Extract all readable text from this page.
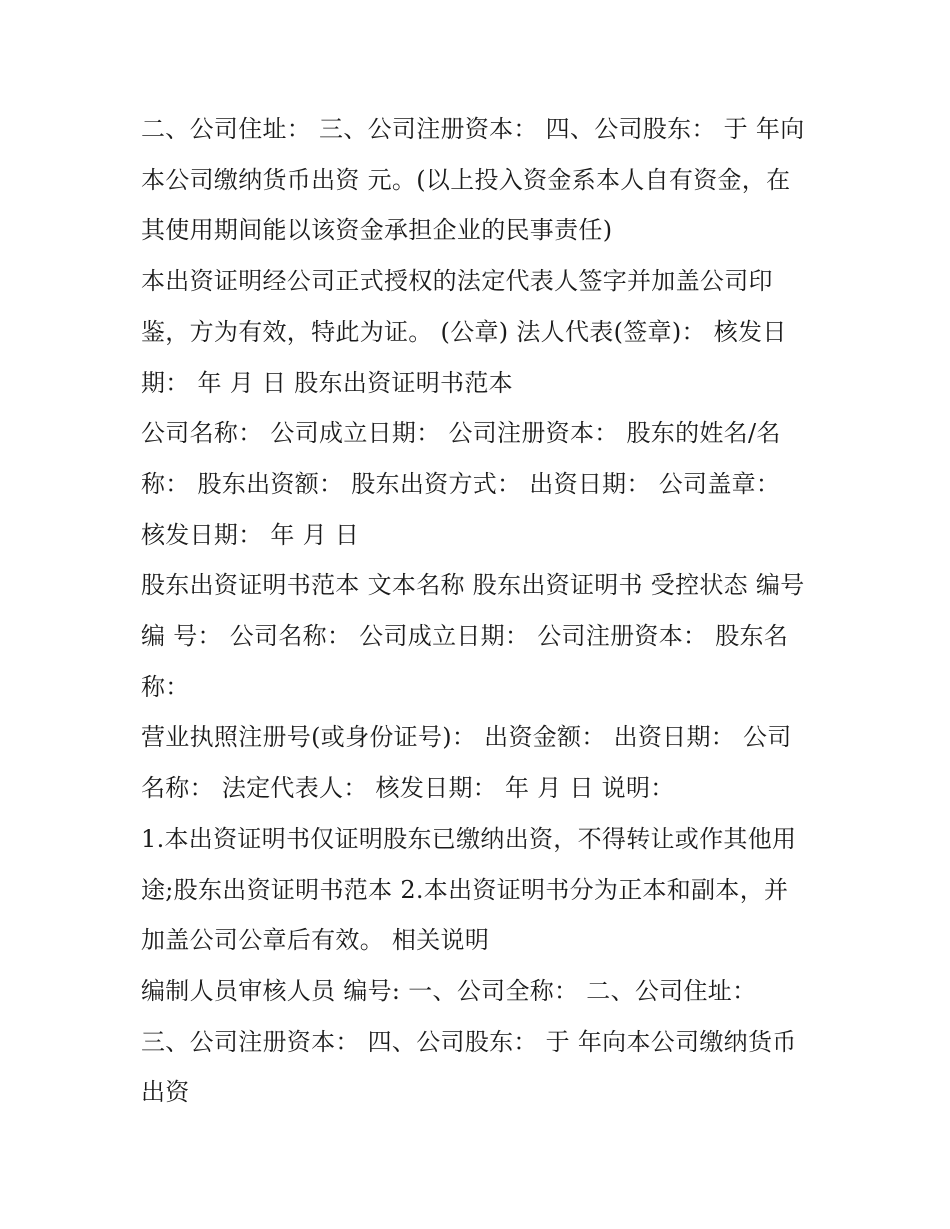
二、公司住址： 三、公司注册资本： 四、公司股东： 于 年向本公司缴纳货币出资 元。(以上投入资金系本人自有资金，在其使用期间能以该资金承担企业的民事责任)

本出资证明经公司正式授权的法定代表人签字并加盖公司印鉴，方为有效，特此为证。 (公章) 法人代表(签章)： 核发日期： 年 月 日 股东出资证明书范本

公司名称： 公司成立日期： 公司注册资本： 股东的姓名/名称： 股东出资额： 股东出资方式： 出资日期： 公司盖章： 核发日期： 年 月 日

股东出资证明书范本 文本名称 股东出资证明书 受控状态 编号 编 号： 公司名称： 公司成立日期： 公司注册资本： 股东名称：

营业执照注册号(或身份证号)： 出资金额： 出资日期： 公司名称： 法定代表人： 核发日期： 年 月 日 说明：

1.本出资证明书仅证明股东已缴纳出资，不得转让或作其他用途;股东出资证明书范本 2.本出资证明书分为正本和副本，并加盖公司公章后有效。 相关说明

编制人员审核人员 编号: 一、公司全称： 二、公司住址： 三、公司注册资本： 四、公司股东： 于 年向本公司缴纳货币出资
